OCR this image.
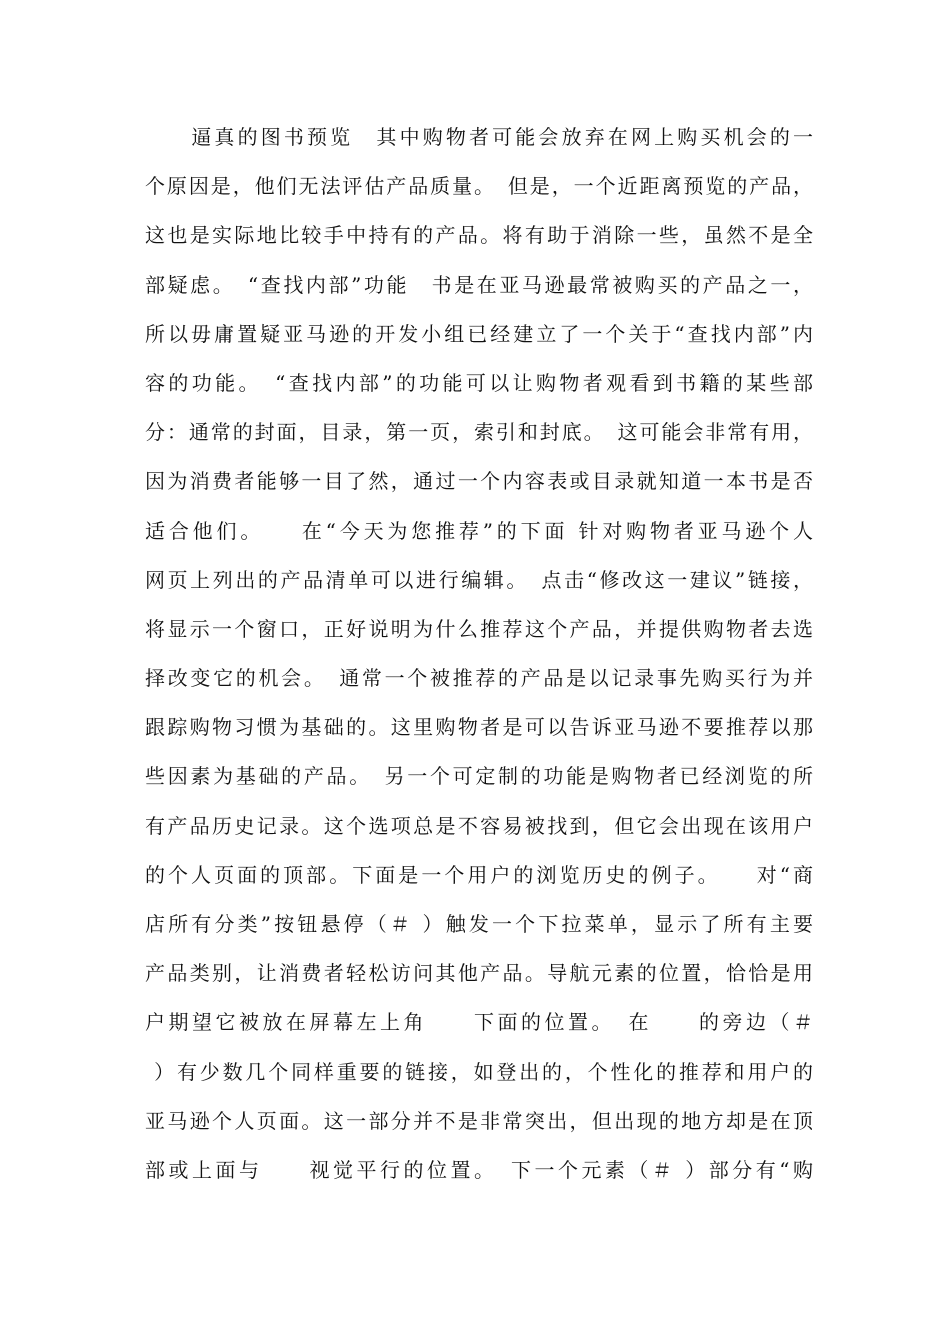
　　逼真的图书预览　其中购物者可能会放弃在网上购买机会的一
个原因是，他们无法评估产品质量。　但是，一个近距离预览的产品，
这也是实际地比较手中持有的产品。将有助于消除一些，虽然不是全
部疑虑。　“查找内部”功能　书是在亚马逊最常被购买的产品之一，
所以毋庸置疑亚马逊的开发小组已经建立了一个关于“查找内部”内
容的功能。　“查找内部”的功能可以让购物者观看到书籍的某些部
分：通常的封面，目录，第一页，索引和封底。　这可能会非常有用，
因为消费者能够一目了然，通过一个内容表或目录就知道一本书是否
适合他们。　　在“今天为您推荐”的下面 针对购物者亚马逊个人
网页上列出的产品清单可以进行编辑。　点击“修改这一建议”链接，
将显示一个窗口，正好说明为什么推荐这个产品，并提供购物者去选
择改变它的机会。　通常一个被推荐的产品是以记录事先购买行为并
跟踪购物习惯为基础的。这里购物者是可以告诉亚马逊不要推荐以那
些因素为基础的产品。　另一个可定制的功能是购物者已经浏览的所
有产品历史记录。这个选项总是不容易被找到，但它会出现在该用户
的个人页面的顶部。下面是一个用户的浏览历史的例子。　　对“商
店所有分类”按钮悬停（＃ ）触发一个下拉菜单，显示了所有主要
产品类别，让消费者轻松访问其他产品。导航元素的位置，恰恰是用
户期望它被放在屏幕左上角　　下面的位置。　在　　的旁边（＃
）有少数几个同样重要的链接，如登出的，个性化的推荐和用户的
亚马逊个人页面。这一部分并不是非常突出，但出现的地方却是在顶
部或上面与　　视觉平行的位置。　下一个元素（＃ ）部分有“购
